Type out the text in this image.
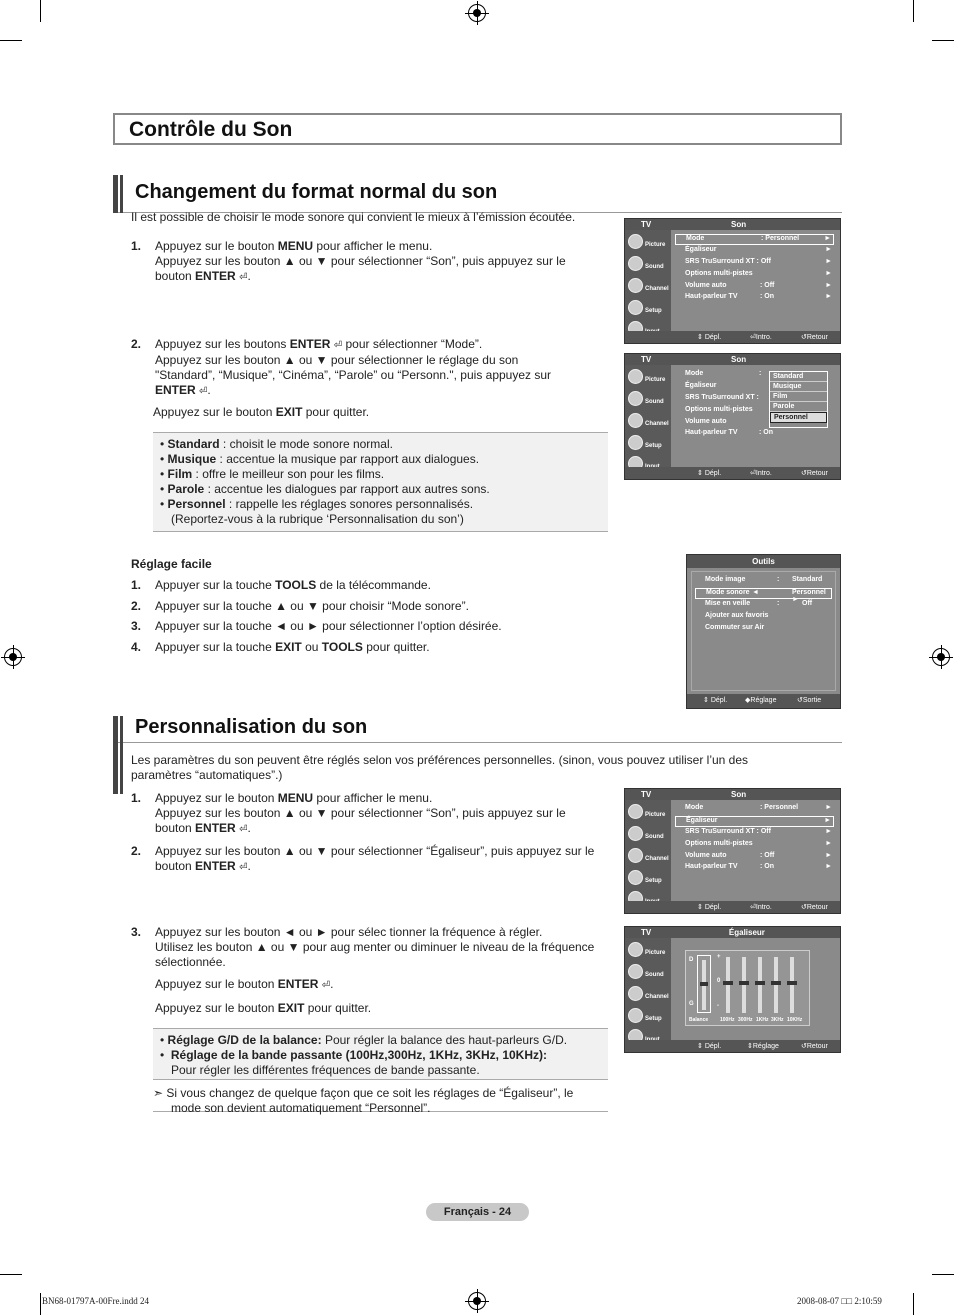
Contrôle du Son
Changement du format normal du son
Il est possible de choisir le mode sonore qui convient le mieux à l’émission écoutée.
1. Appuyez sur le bouton MENU pour afficher le menu.
Appuyez sur les bouton ▲ ou ▼ pour sélectionner “Son”, puis appuyez sur le
bouton ENTER ⏎.
2. Appuyez sur les boutons ENTER ⏎ pour sélectionner “Mode”.
Appuyez sur les bouton ▲ ou ▼ pour sélectionner le réglage du son
"Standard”, “Musique”, “Cinéma”, “Parole” ou “Personn.", puis appuyez sur
ENTER ⏎.
Appuyez sur le bouton EXIT pour quitter.
• Standard : choisit le mode sonore normal.
• Musique : accentue la musique par rapport aux dialogues.
• Film : offre le meilleur son pour les films.
• Parole : accentue les dialogues par rapport aux autres sons.
• Personnel : rappelle les réglages sonores personnalisés.
(Reportez-vous à la rubrique ‘Personnalisation du son’)
Réglage facile
1. Appuyer sur la touche TOOLS de la télécommande.
2. Appuyer sur la touche ▲ ou ▼ pour choisir “Mode sonore”.
3. Appuyer sur la touche ◄ ou ► pour sélectionner l’option désirée.
4. Appuyer sur la touche EXIT ou TOOLS pour quitter.
TV	Son
Picture
Sound
Channel
Setup
Mode	: Personnel	►
Égaliseur	►
SRS TruSurround XT : Off	►
Options multi-pistes	►
Volume auto	: Off	►
Haut-parleur TV	: On	►
⇕ Dépl.	⏎Intro.	↺Retour
TV	Son
Picture
Sound
Channel
Setup
Mode	:
Égaliseur
SRS TruSurround XT :
Options multi-pistes
Volume auto
Haut-parleur TV	: On
Standard
Musique
Film
Parole
Personnel
⇕ Dépl.	⏎Intro.	↺Retour
Outils
Mode image	: Standard
Mode sonore ◄	Personnel ►
Mise en veille	:	Off
Ajouter aux favoris
Commuter sur Air
⇕ Dépl.	◆Réglage	↺Sortie
Personnalisation du son
Les paramètres du son peuvent être réglés selon vos préférences personnelles. (sinon, vous pouvez utiliser l’un des
paramètres “automatiques”.)
1. Appuyez sur le bouton MENU pour afficher le menu.
Appuyez sur les bouton ▲ ou ▼ pour sélectionner “Son”, puis appuyez sur le
bouton ENTER ⏎.
2. Appuyez sur les bouton ▲ ou ▼ pour sélectionner “Égaliseur”, puis appuyez sur le
bouton ENTER ⏎.
3. Appuyez sur les bouton ◄ ou ► pour sélec tionner la fréquence à régler.
Utilisez les bouton ▲ ou ▼ pour aug menter ou diminuer le niveau de la fréquence
sélectionnée.
Appuyez sur le bouton ENTER ⏎.
Appuyez sur le bouton EXIT pour quitter.
• Réglage G/D de la balance: Pour régler la balance des haut-parleurs G/D.
•  Réglage de la bande passante (100Hz,300Hz, 1KHz, 3KHz, 10KHz):
Pour régler les différentes fréquences de bande passante.
➣ Si vous changez de quelque façon que ce soit les réglages de “Égaliseur”, le
mode son devient automatiquement “Personnel”.
TV	Son
Picture
Sound
Channel
Setup
Mode	: Personnel	►
Égaliseur	►
SRS TruSurround XT : Off	►
Options multi-pistes	►
Volume auto	: Off	►
Haut-parleur TV	: On	►
⇕ Dépl.	⏎Intro.	↺Retour
TV	Égaliseur
Picture
Sound
Channel
Setup
D
G
+
0
-
Balance 100Hz 300Hz 1KHz 3KHz 10KHz
⇕ Dépl.	⇕Réglage	↺Retour
Français - 24
BN68-01797A-00Fre.indd 24	2008-08-07 □□ 2:10:59
